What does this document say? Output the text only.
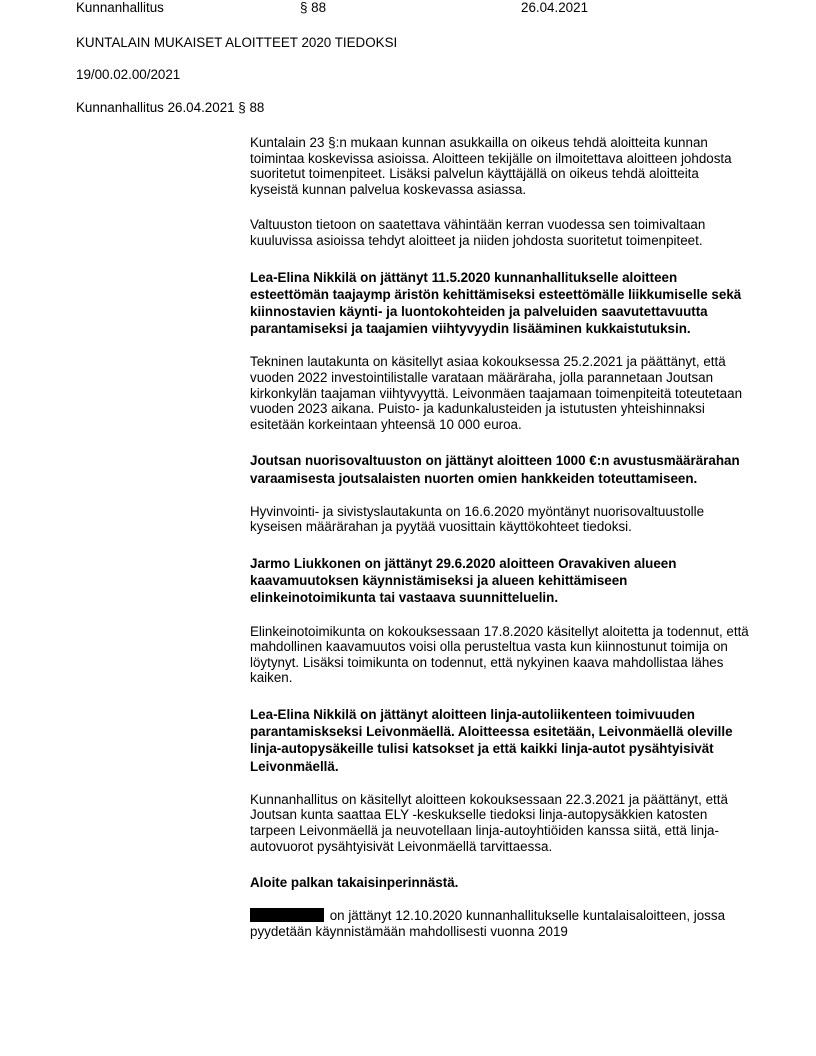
Kunnanhallitus	§ 88	26.04.2021
KUNTALAIN MUKAISET ALOITTEET 2020 TIEDOKSI
19/00.02.00/2021
Kunnanhallitus 26.04.2021 § 88

Kuntalain 23 §:n mukaan kunnan asukkailla on oikeus tehdä aloitteita kunnan toimintaa koskevissa asioissa. Aloitteen tekijälle on ilmoitettava aloitteen johdosta suoritetut toimenpiteet. Lisäksi palvelun käyttäjällä on oikeus tehdä aloitteita kyseistä kunnan palvelua koskevassa asiassa.

Valtuuston tietoon on saatettava vähintään kerran vuodessa sen toimivaltaan kuuluvissa asioissa tehdyt aloitteet ja niiden johdosta suoritetut toimenpiteet.

Lea-Elina Nikkilä on jättänyt 11.5.2020 kunnanhallitukselle aloitteen esteettömän taajaymp äristön kehittämiseksi esteettömälle liikkumiselle sekä kiinnostavien käynti- ja luontokohteiden ja palveluiden saavutettavuutta parantamiseksi ja taajamien viihtyvyydin lisääminen kukkaistutuksin.

Tekninen lautakunta on käsitellyt asiaa kokouksessa 25.2.2021 ja päättänyt, että vuoden 2022 investointilistalle varataan määräraha, jolla parannetaan Joutsan kirkonkylän taajaman viihtyvyyttä. Leivonmäen taajamaan toimenpiteitä toteutetaan vuoden 2023 aikana. Puisto- ja kadunkalusteiden ja istutusten yhteishinnaksi esitetään korkeintaan yhteensä 10 000 euroa.

Joutsan nuorisovaltuuston on jättänyt aloitteen 1000 €:n avustusmäärärahan varaamisesta joutsalaisten nuorten omien hankkeiden toteuttamiseen.

Hyvinvointi- ja sivistyslautakunta on 16.6.2020 myöntänyt nuorisovaltuustolle kyseisen määrärahan ja pyytää vuosittain käyttökohteet tiedoksi.

Jarmo Liukkonen on jättänyt 29.6.2020 aloitteen Oravakiven alueen kaavamuutoksen käynnistämiseksi ja alueen kehittämiseen elinkeinotoimikunta tai vastaava suunnitteluelin.

Elinkeinotoimikunta on kokouksessaan 17.8.2020 käsitellyt aloitetta ja todennut, että mahdollinen kaavamuutos voisi olla perusteltua vasta kun kiinnostunut toimija on löytynyt. Lisäksi toimikunta on todennut, että nykyinen kaava mahdollistaa lähes kaiken.

Lea-Elina Nikkilä on jättänyt aloitteen linja-autoliikenteen toimivuuden parantamiskseksi Leivonmäellä. Aloitteessa esitetään, Leivonmäellä oleville linja-autopysäkeille tulisi katsokset ja että kaikki linja-autot pysähtyisivät Leivonmäellä.

Kunnanhallitus on käsitellyt aloitteen kokouksessaan 22.3.2021 ja päättänyt, että Joutsan kunta saattaa ELY -keskukselle tiedoksi linja-autopysäkkien katosten tarpeen Leivonmäellä ja neuvotellaan linja-autoyhtiöiden kanssa siitä, että linja-autovuorot pysähtyisivät Leivonmäellä tarvittaessa.

Aloite palkan takaisinperinnästä.

on jättänyt 12.10.2020 kunnanhallitukselle kuntalaisaloitteen, jossa pyydetään käynnistämään mahdollisesti vuonna 2019
